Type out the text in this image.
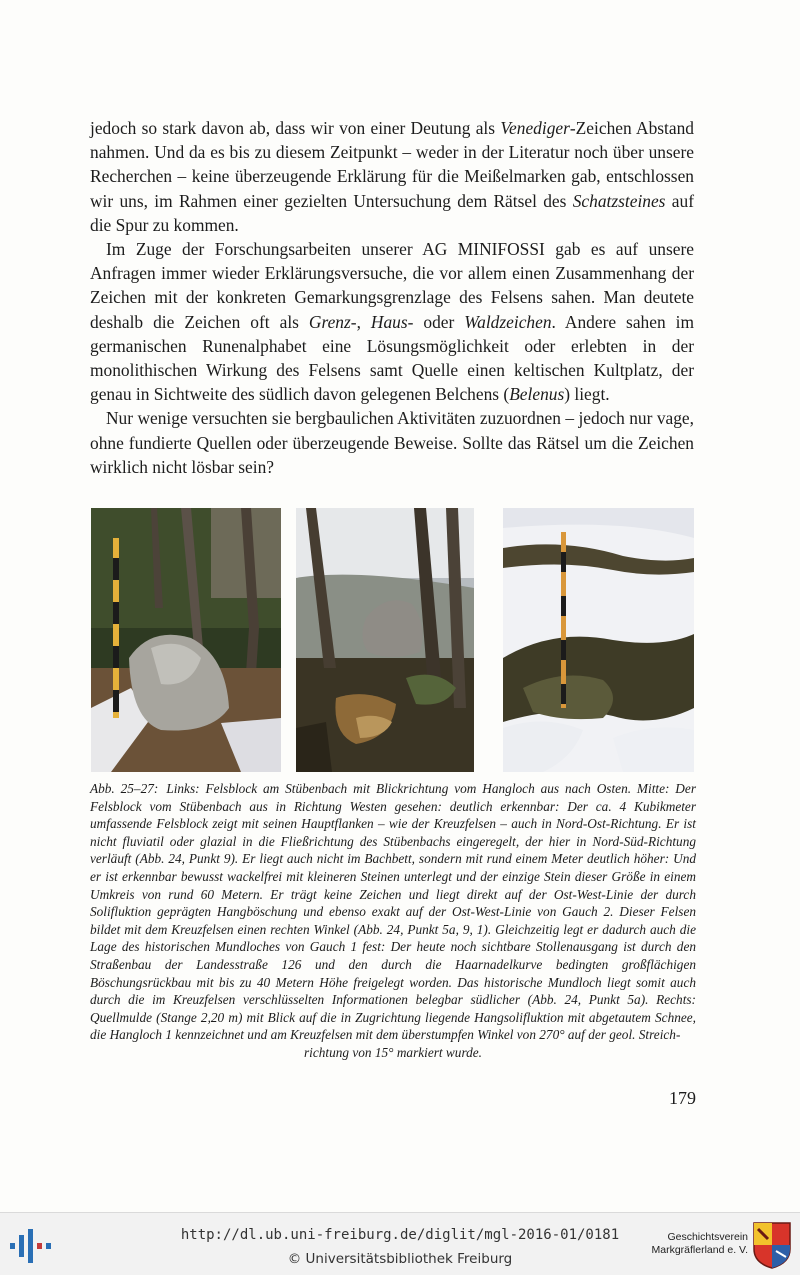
jedoch so stark davon ab, dass wir von einer Deutung als Venediger-Zeichen Abstand nahmen. Und da es bis zu diesem Zeitpunkt – weder in der Literatur noch über unsere Recherchen – keine überzeugende Erklärung für die Meißelmarken gab, entschlossen wir uns, im Rahmen einer gezielten Untersuchung dem Rätsel des Schatzsteines auf die Spur zu kommen.

Im Zuge der Forschungsarbeiten unserer AG MINIFOSSI gab es auf unsere Anfragen immer wieder Erklärungsversuche, die vor allem einen Zusammenhang der Zeichen mit der konkreten Gemarkungsgrenzlage des Felsens sahen. Man deutete deshalb die Zeichen oft als Grenz-, Haus- oder Waldzeichen. Andere sahen im germanischen Runenalphabet eine Lösungsmöglichkeit oder erlebten in der monolithischen Wirkung des Felsens samt Quelle einen keltischen Kultplatz, der genau in Sichtweite des südlich davon gelegenen Belchens (Belenus) liegt.

Nur wenige versuchten sie bergbaulichen Aktivitäten zuzuordnen – jedoch nur vage, ohne fundierte Quellen oder überzeugende Beweise. Sollte das Rätsel um die Zeichen wirklich nicht lösbar sein?

Abb. 25–27: Links: Felsblock am Stübenbach mit Blickrichtung vom Hangloch aus nach Osten. Mitte: Der Felsblock vom Stübenbach aus in Richtung Westen gesehen: deutlich erkennbar: Der ca. 4 Kubikmeter umfassende Felsblock zeigt mit seinen Hauptflanken – wie der Kreuzfelsen – auch in Nord-Ost-Richtung. Er ist nicht fluviatil oder glazial in die Fließrichtung des Stübenbachs eingeregelt, der hier in Nord-Süd-Richtung verläuft (Abb. 24, Punkt 9). Er liegt auch nicht im Bachbett, sondern mit rund einem Meter deutlich höher: Und er ist erkennbar bewusst wackelfrei mit kleineren Steinen unterlegt und der einzige Stein dieser Größe in einem Umkreis von rund 60 Metern. Er trägt keine Zeichen und liegt direkt auf der Ost-West-Linie der durch Solifluktion geprägten Hangböschung und ebenso exakt auf der Ost-West-Linie von Gauch 2. Dieser Felsen bildet mit dem Kreuzfelsen einen rechten Winkel (Abb. 24, Punkt 5a, 9, 1). Gleichzeitig legt er dadurch auch die Lage des historischen Mundloches von Gauch 1 fest: Der heute noch sichtbare Stollenausgang ist durch den Straßenbau der Landesstraße 126 und den durch die Haarnadelkurve bedingten großflächigen Böschungsrückbau mit bis zu 40 Metern Höhe freigelegt worden. Das historische Mundloch liegt somit auch durch die im Kreuzfelsen verschlüsselten Informationen belegbar südlicher (Abb. 24, Punkt 5a). Rechts: Quellmulde (Stange 2,20 m) mit Blick auf die in Zugrichtung liegende Hangsolifluktion mit abgetautem Schnee, die Hangloch 1 kennzeichnet und am Kreuzfelsen mit dem überstumpfen Winkel von 270° auf der geol. Streich-
richtung von 15° markiert wurde.
179
http://dl.ub.uni-freiburg.de/diglit/mgl-2016-01/0181
© Universitätsbibliothek Freiburg
Geschichtsverein
Markgräflerland e. V.
